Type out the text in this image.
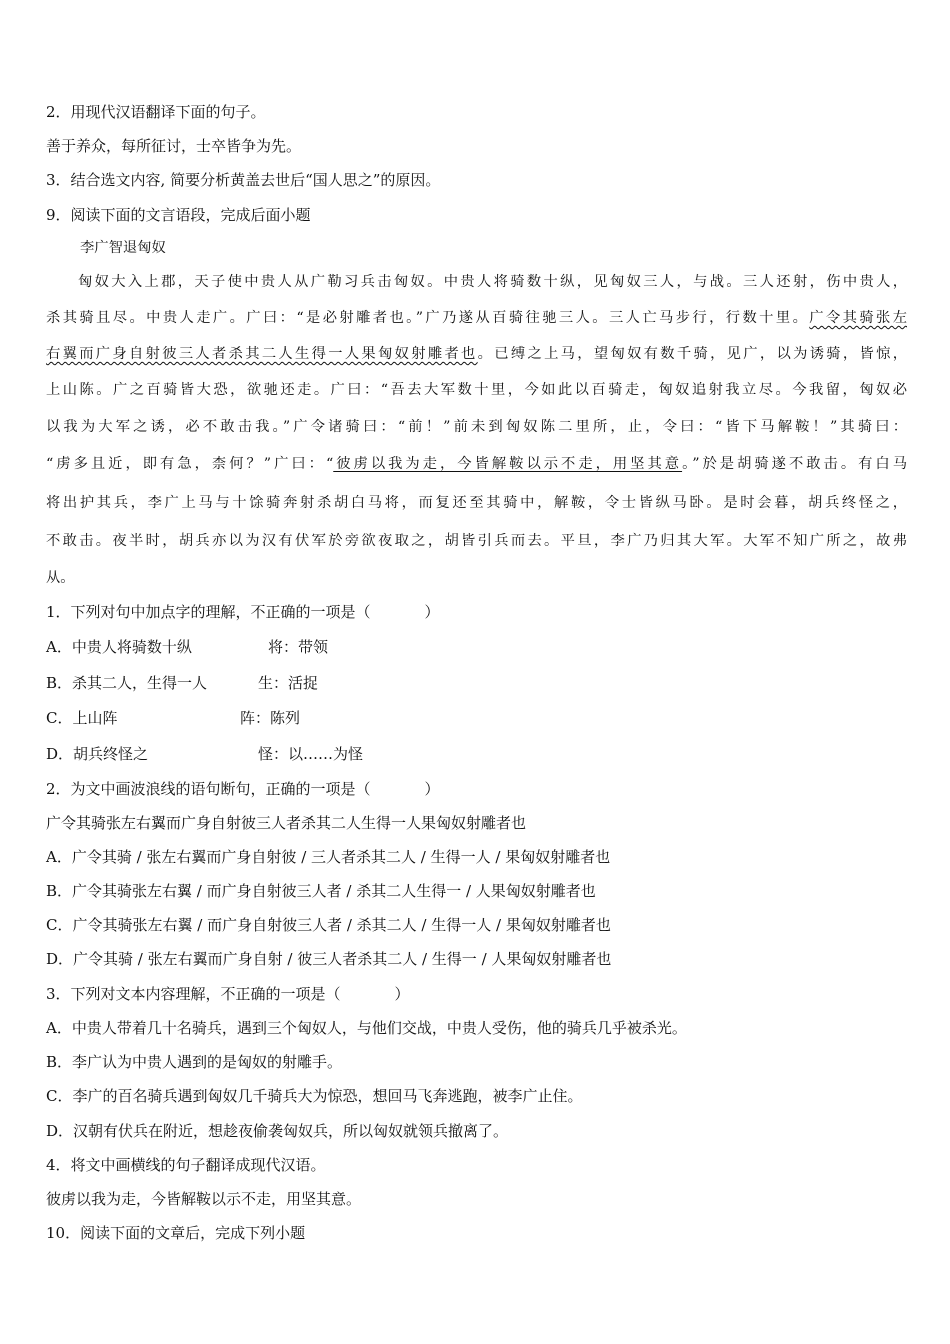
2．用现代汉语翻译下面的句子。
善于养众，每所征讨，士卒皆争为先。
3．结合选文内容, 简要分析黄盖去世后“国人思之”的原因。
9．阅读下面的文言语段，完成后面小题
李广智退匈奴
匈奴大入上郡，天子使中贵人从广勒习兵击匈奴。中贵人将骑数十纵，见匈奴三人，与战。三人还射，伤中贵人，
杀其骑且尽。中贵人走广。广曰：“是必射雕者也。”广乃遂从百骑往驰三人。三人亡马步行，行数十里。广令其骑张左
右翼而广身自射彼三人者杀其二人生得一人果匈奴射雕者也。已缚之上马，望匈奴有数千骑，见广，以为诱骑，皆惊，
上山陈。广之百骑皆大恐，欲驰还走。广曰：“吾去大军数十里，今如此以百骑走，匈奴追射我立尽。今我留，匈奴必
以我为大军之诱，必不敢击我。”广令诸骑曰：“前！”前未到匈奴陈二里所，止，令曰：“皆下马解鞍！”其骑曰：
“虏多且近，即有急，柰何？”广曰：“彼虏以我为走，今皆解鞍以示不走，用坚其意。”於是胡骑遂不敢击。有白马
将出护其兵，李广上马与十馀骑奔射杀胡白马将，而复还至其骑中，解鞍，令士皆纵马卧。是时会暮，胡兵终怪之，
不敢击。夜半时，胡兵亦以为汉有伏军於旁欲夜取之，胡皆引兵而去。平旦，李广乃归其大军。大军不知广所之，故弗
从。
1．下列对句中加点字的理解，不正确的一项是（	）
A．中贵人将骑数十纵	将：带领
B．杀其二人，生得一人	生：活捉
C．上山阵	阵：陈列
D．胡兵终怪之	怪：以……为怪
2．为文中画波浪线的语句断句，正确的一项是（	）
广令其骑张左右翼而广身自射彼三人者杀其二人生得一人果匈奴射雕者也
A．广令其骑 / 张左右翼而广身自射彼 / 三人者杀其二人 / 生得一人 / 果匈奴射雕者也
B．广令其骑张左右翼 / 而广身自射彼三人者 / 杀其二人生得一 / 人果匈奴射雕者也
C．广令其骑张左右翼 / 而广身自射彼三人者 / 杀其二人 / 生得一人 / 果匈奴射雕者也
D．广令其骑 / 张左右翼而广身自射 / 彼三人者杀其二人 / 生得一 / 人果匈奴射雕者也
3．下列对文本内容理解，不正确的一项是（	）
A．中贵人带着几十名骑兵，遇到三个匈奴人，与他们交战，中贵人受伤，他的骑兵几乎被杀光。
B．李广认为中贵人遇到的是匈奴的射雕手。
C．李广的百名骑兵遇到匈奴几千骑兵大为惊恐，想回马飞奔逃跑，被李广止住。
D．汉朝有伏兵在附近，想趁夜偷袭匈奴兵，所以匈奴就领兵撤离了。
4．将文中画横线的句子翻译成现代汉语。
彼虏以我为走，今皆解鞍以示不走，用坚其意。
10．阅读下面的文章后，完成下列小题
